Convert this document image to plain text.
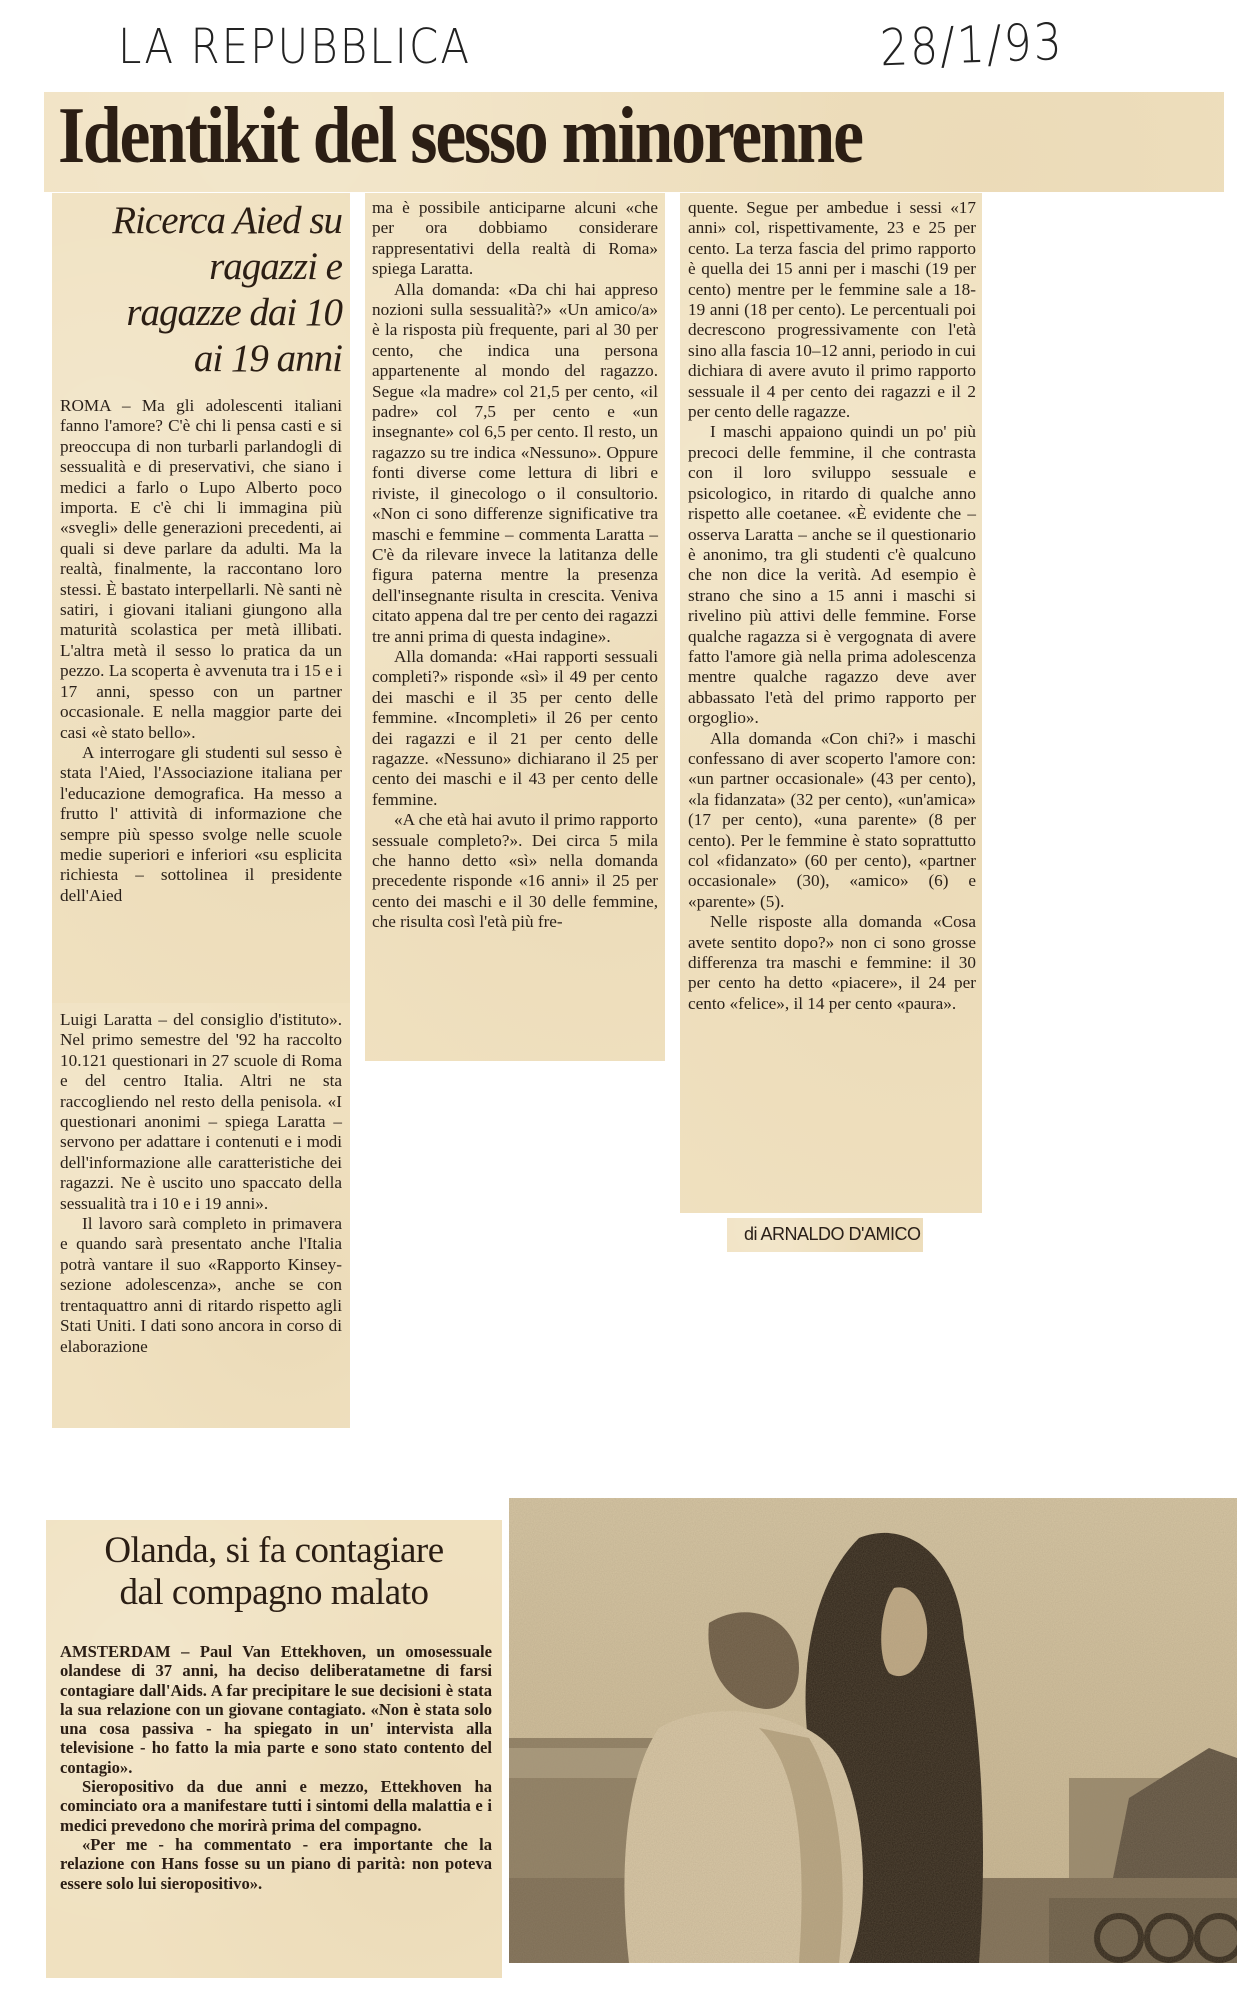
LA REPUBBLICA	28/1/93
Identikit del sesso minorenne
Ricerca Aied su
ragazzi e
ragazze dai 10
ai 19 anni

ROMA – Ma gli adolescenti italiani fanno l'amore? C'è chi li pensa casti e si preoccupa di non turbarli parlandogli di sessualità e di preservativi, che siano i medici a farlo o Lupo Alberto poco importa. E c'è chi li immagina più «svegli» delle generazioni precedenti, ai quali si deve parlare da adulti. Ma la realtà, finalmente, la raccontano loro stessi. È bastato interpellarli. Nè santi nè satiri, i giovani italiani giungono alla maturità scolastica per metà illibati. L'altra metà il sesso lo pratica da un pezzo. La scoperta è avvenuta tra i 15 e i 17 anni, spesso con un partner occasionale. E nella maggior parte dei casi «è stato bello».

A interrogare gli studenti sul sesso è stata l'Aied, l'Associazione italiana per l'educazione demografica. Ha messo a frutto l' attività di informazione che sempre più spesso svolge nelle scuole medie superiori e inferiori «su esplicita richiesta – sottolinea il presidente dell'Aied

Luigi Laratta – del consiglio d'istituto». Nel primo semestre del '92 ha raccolto 10.121 questionari in 27 scuole di Roma e del centro Italia. Altri ne sta raccogliendo nel resto della penisola. «I questionari anonimi – spiega Laratta – servono per adattare i contenuti e i modi dell'informazione alle caratteristiche dei ragazzi. Ne è uscito uno spaccato della sessualità tra i 10 e i 19 anni».

Il lavoro sarà completo in primavera e quando sarà presentato anche l'Italia potrà vantare il suo «Rapporto Kinsey-sezione adolescenza», anche se con trentaquattro anni di ritardo rispetto agli Stati Uniti. I dati sono ancora in corso di elaborazione

ma è possibile anticiparne alcuni «che per ora dobbiamo considerare rappresentativi della realtà di Roma» spiega Laratta.

Alla domanda: «Da chi hai appreso nozioni sulla sessualità?» «Un amico/a» è la risposta più frequente, pari al 30 per cento, che indica una persona appartenente al mondo del ragazzo. Segue «la madre» col 21,5 per cento, «il padre» col 7,5 per cento e «un insegnante» col 6,5 per cento. Il resto, un ragazzo su tre indica «Nessuno». Oppure fonti diverse come lettura di libri e riviste, il ginecologo o il consultorio. «Non ci sono differenze significative tra maschi e femmine – commenta Laratta – C'è da rilevare invece la latitanza delle figura paterna mentre la presenza dell'insegnante risulta in crescita. Veniva citato appena dal tre per cento dei ragazzi tre anni prima di questa indagine».

Alla domanda: «Hai rapporti sessuali completi?» risponde «sì» il 49 per cento dei maschi e il 35 per cento delle femmine. «Incompleti» il 26 per cento dei ragazzi e il 21 per cento delle ragazze. «Nessuno» dichiarano il 25 per cento dei maschi e il 43 per cento delle femmine.

«A che età hai avuto il primo rapporto sessuale completo?». Dei circa 5 mila che hanno detto «sì» nella domanda precedente risponde «16 anni» il 25 per cento dei maschi e il 30 delle femmine, che risulta così l'età più fre-

quente. Segue per ambedue i sessi «17 anni» col, rispettivamente, 23 e 25 per cento. La terza fascia del primo rapporto è quella dei 15 anni per i maschi (19 per cento) mentre per le femmine sale a 18-19 anni (18 per cento). Le percentuali poi decrescono progressivamente con l'età sino alla fascia 10–12 anni, periodo in cui dichiara di avere avuto il primo rapporto sessuale il 4 per cento dei ragazzi e il 2 per cento delle ragazze.

I maschi appaiono quindi un po' più precoci delle femmine, il che contrasta con il loro sviluppo sessuale e psicologico, in ritardo di qualche anno rispetto alle coetanee. «È evidente che – osserva Laratta – anche se il questionario è anonimo, tra gli studenti c'è qualcuno che non dice la verità. Ad esempio è strano che sino a 15 anni i maschi si rivelino più attivi delle femmine. Forse qualche ragazza si è vergognata di avere fatto l'amore già nella prima adolescenza mentre qualche ragazzo deve aver abbassato l'età del primo rapporto per orgoglio».

Alla domanda «Con chi?» i maschi confessano di aver scoperto l'amore con: «un partner occasionale» (43 per cento), «la fidanzata» (32 per cento), «un'amica» (17 per cento), «una parente» (8 per cento). Per le femmine è stato soprattutto col «fidanzato» (60 per cento), «partner occasionale» (30), «amico» (6) e «parente» (5).

Nelle risposte alla domanda «Cosa avete sentito dopo?» non ci sono grosse differenza tra maschi e femmine: il 30 per cento ha detto «piacere», il 24 per cento «felice», il 14 per cento «paura».

di ARNALDO D'AMICO
Olanda, si fa contagiare
dal compagno malato

AMSTERDAM – Paul Van Ettekhoven, un omosessuale olandese di 37 anni, ha deciso deliberatametne di farsi contagiare dall'Aids. A far precipitare le sue decisioni è stata la sua relazione con un giovane contagiato. «Non è stata solo una cosa passiva - ha spiegato in un' intervista alla televisione - ho fatto la mia parte e sono stato contento del contagio».

Sieropositivo da due anni e mezzo, Ettekhoven ha cominciato ora a manifestare tutti i sintomi della malattia e i medici prevedono che morirà prima del compagno.

«Per me - ha commentato - era importante che la relazione con Hans fosse su un piano di parità: non poteva essere solo lui sieropositivo».
